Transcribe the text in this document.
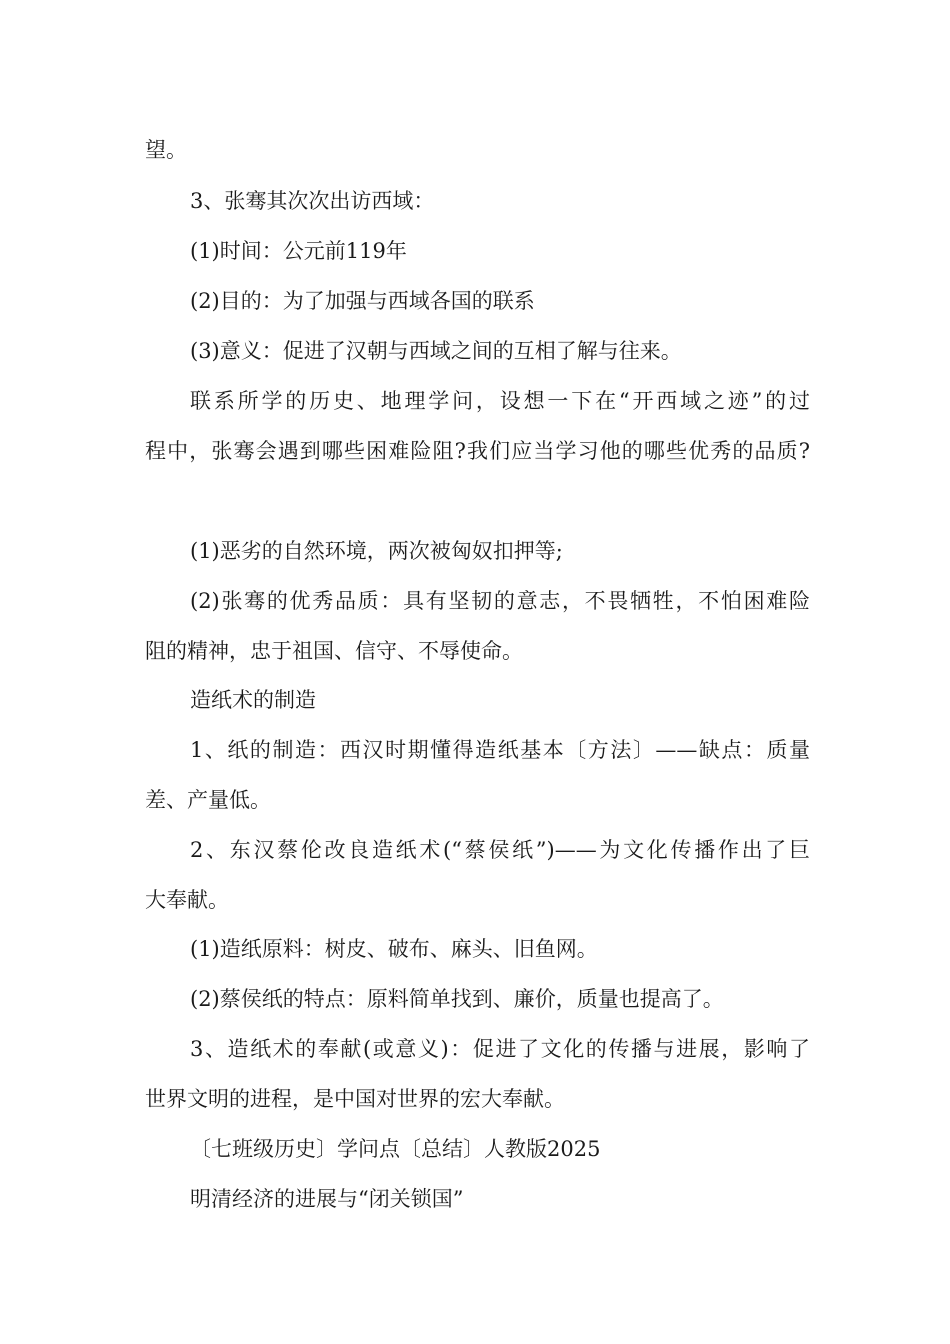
望。
3、张骞其次次出访西域：
(1)时间：公元前119年
(2)目的：为了加强与西域各国的联系
(3)意义：促进了汉朝与西域之间的互相了解与往来。
联系所学的历史、地理学问，设想一下在“开西域之迹”的过
程中，张骞会遇到哪些困难险阻?我们应当学习他的哪些优秀的品质?
(1)恶劣的自然环境，两次被匈奴扣押等;
(2)张骞的优秀品质：具有坚韧的意志，不畏牺牲，不怕困难险
阻的精神，忠于祖国、信守、不辱使命。
造纸术的制造
1、纸的制造：西汉时期懂得造纸基本〔方法〕——缺点：质量
差、产量低。
2、东汉蔡伦改良造纸术(“蔡侯纸”)——为文化传播作出了巨
大奉献。
(1)造纸原料：树皮、破布、麻头、旧鱼网。
(2)蔡侯纸的特点：原料简单找到、廉价，质量也提高了。
3、造纸术的奉献(或意义)：促进了文化的传播与进展，影响了
世界文明的进程，是中国对世界的宏大奉献。
〔七班级历史〕学问点〔总结〕人教版2025
明清经济的进展与“闭关锁国”
